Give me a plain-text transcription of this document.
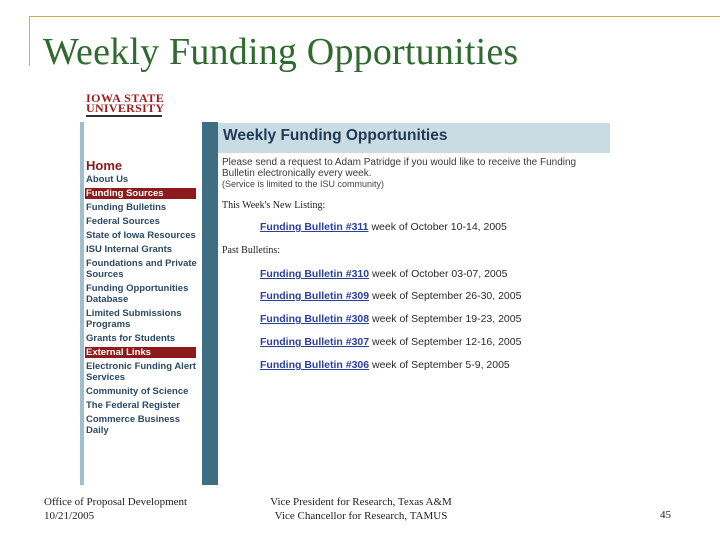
Weekly Funding Opportunities
IOWA STATE
UNIVERSITY
Weekly Funding Opportunities
Home
About Us
Funding Sources
Funding Bulletins
Federal Sources
State of Iowa Resources
ISU Internal Grants
Foundations and Private Sources
Funding Opportunities Database
Limited Submissions Programs
Grants for Students
External Links
Electronic Funding Alert Services
Community of Science
The Federal Register
Commerce Business Daily
Please send a request to Adam Patridge if you would like to receive the Funding Bulletin electronically every week.
(Service is limited to the ISU community)
This Week's New Listing:
Funding Bulletin #311 week of October 10-14, 2005
Past Bulletins:
Funding Bulletin #310 week of October 03-07, 2005
Funding Bulletin #309 week of September 26-30, 2005
Funding Bulletin #308 week of September 19-23, 2005
Funding Bulletin #307 week of September 12-16, 2005
Funding Bulletin #306 week of September 5-9, 2005
Office of Proposal Development
10/21/2005
Vice President for Research, Texas A&M
Vice Chancellor for Research, TAMUS	45
